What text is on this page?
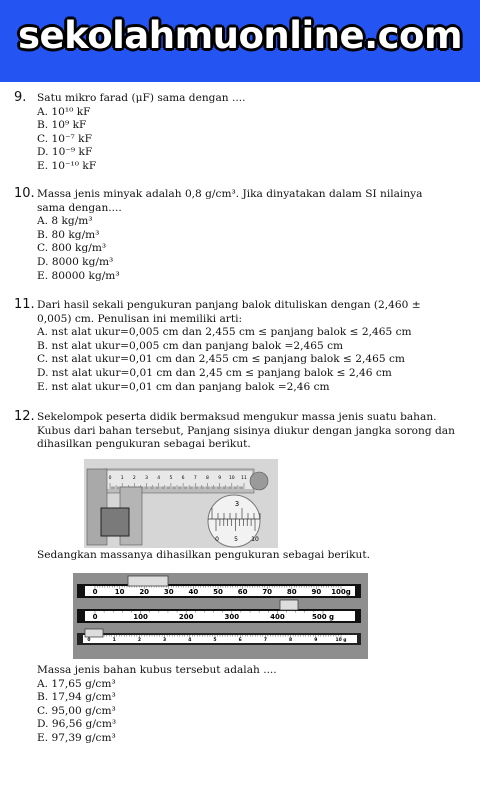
sekolahmuonline.com
9. Satu mikro farad (μF) sama dengan ....
A. 10¹⁰ kF
B. 10⁹ kF
C. 10⁻⁷ kF
D. 10⁻⁹ kF
E. 10⁻¹⁰ kF
10. Massa jenis minyak adalah 0,8 g/cm³. Jika dinyatakan dalam SI nilainya sama dengan....
A. 8 kg/m³
B. 80 kg/m³
C. 800 kg/m³
D. 8000 kg/m³
E. 80000 kg/m³
11. Dari hasil sekali pengukuran panjang balok dituliskan dengan (2,460 ± 0,005) cm. Penulisan ini memiliki arti:
A. nst alat ukur=0,005 cm dan 2,455 cm ≤ panjang balok ≤ 2,465 cm
B. nst alat ukur=0,005 cm dan panjang balok =2,465 cm
C. nst alat ukur=0,01 cm dan 2,455 cm ≤ panjang balok ≤ 2,465 cm
D. nst alat ukur=0,01 cm dan 2,45 cm ≤ panjang balok ≤ 2,46 cm
E. nst alat ukur=0,01 cm dan panjang balok =2,46 cm
12. Sekelompok peserta didik bermaksud mengukur massa jenis suatu bahan. Kubus dari bahan tersebut, Panjang sisinya diukur dengan jangka sorong dan dihasilkan pengukuran sebagai berikut.
3
0	5 10
0 1 2 3 4 5 6 7 8 9 10 11
Sedangkan massanya dihasilkan pengukuran sebagai berikut.
0 10 20 30 40 50 60 70 80 90 100g
0	100	200	300	400	500 g
0	1	2	3	4	5	6	7	8	9	10 g
Massa jenis bahan kubus tersebut adalah ....
A. 17,65 g/cm³
B. 17,94 g/cm³
C. 95,00 g/cm³
D. 96,56 g/cm³
E. 97,39 g/cm³
